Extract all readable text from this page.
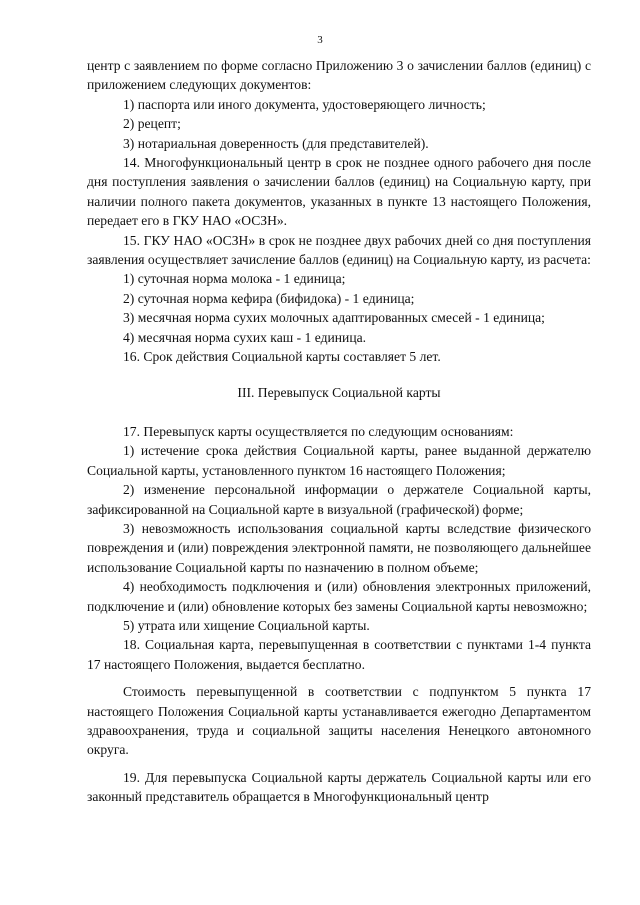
3

центр с заявлением по форме согласно Приложению 3 о зачислении баллов (единиц) с приложением следующих документов:

1) паспорта или иного документа, удостоверяющего личность;

2) рецепт;

3) нотариальная доверенность (для представителей).

14. Многофункциональный центр в срок не позднее одного рабочего дня после дня поступления заявления о зачислении баллов (единиц) на Социальную карту, при наличии полного пакета документов, указанных в пункте 13 настоящего Положения, передает его в ГКУ НАО «ОСЗН».

15. ГКУ НАО «ОСЗН» в срок не позднее двух рабочих дней со дня поступления заявления осуществляет зачисление баллов (единиц) на Социальную карту, из расчета:

1) суточная норма молока - 1 единица;

2) суточная норма кефира (бифидока) - 1 единица;

3) месячная норма сухих молочных адаптированных смесей - 1 единица;

4) месячная норма сухих каш - 1 единица.

16. Срок действия Социальной карты составляет 5 лет.

III. Перевыпуск Социальной карты

17. Перевыпуск карты осуществляется по следующим основаниям:

1) истечение срока действия Социальной карты, ранее выданной держателю Социальной карты, установленного пунктом 16 настоящего Положения;

2) изменение персональной информации о держателе Социальной карты, зафиксированной на Социальной карте в визуальной (графической) форме;

3) невозможность использования социальной карты вследствие физического повреждения и (или) повреждения электронной памяти, не позволяющего дальнейшее использование Социальной карты по назначению в полном объеме;

4) необходимость подключения и (или) обновления электронных приложений, подключение и (или) обновление которых без замены Социальной карты невозможно;

5) утрата или хищение Социальной карты.

18. Социальная карта, перевыпущенная в соответствии с пунктами 1-4 пункта 17 настоящего Положения, выдается бесплатно.

Стоимость перевыпущенной в соответствии с подпунктом 5 пункта 17 настоящего Положения Социальной карты устанавливается ежегодно Департаментом здравоохранения, труда и социальной защиты населения Ненецкого автономного округа.

19. Для перевыпуска Социальной карты держатель Социальной карты или его законный представитель обращается в Многофункциональный центр
